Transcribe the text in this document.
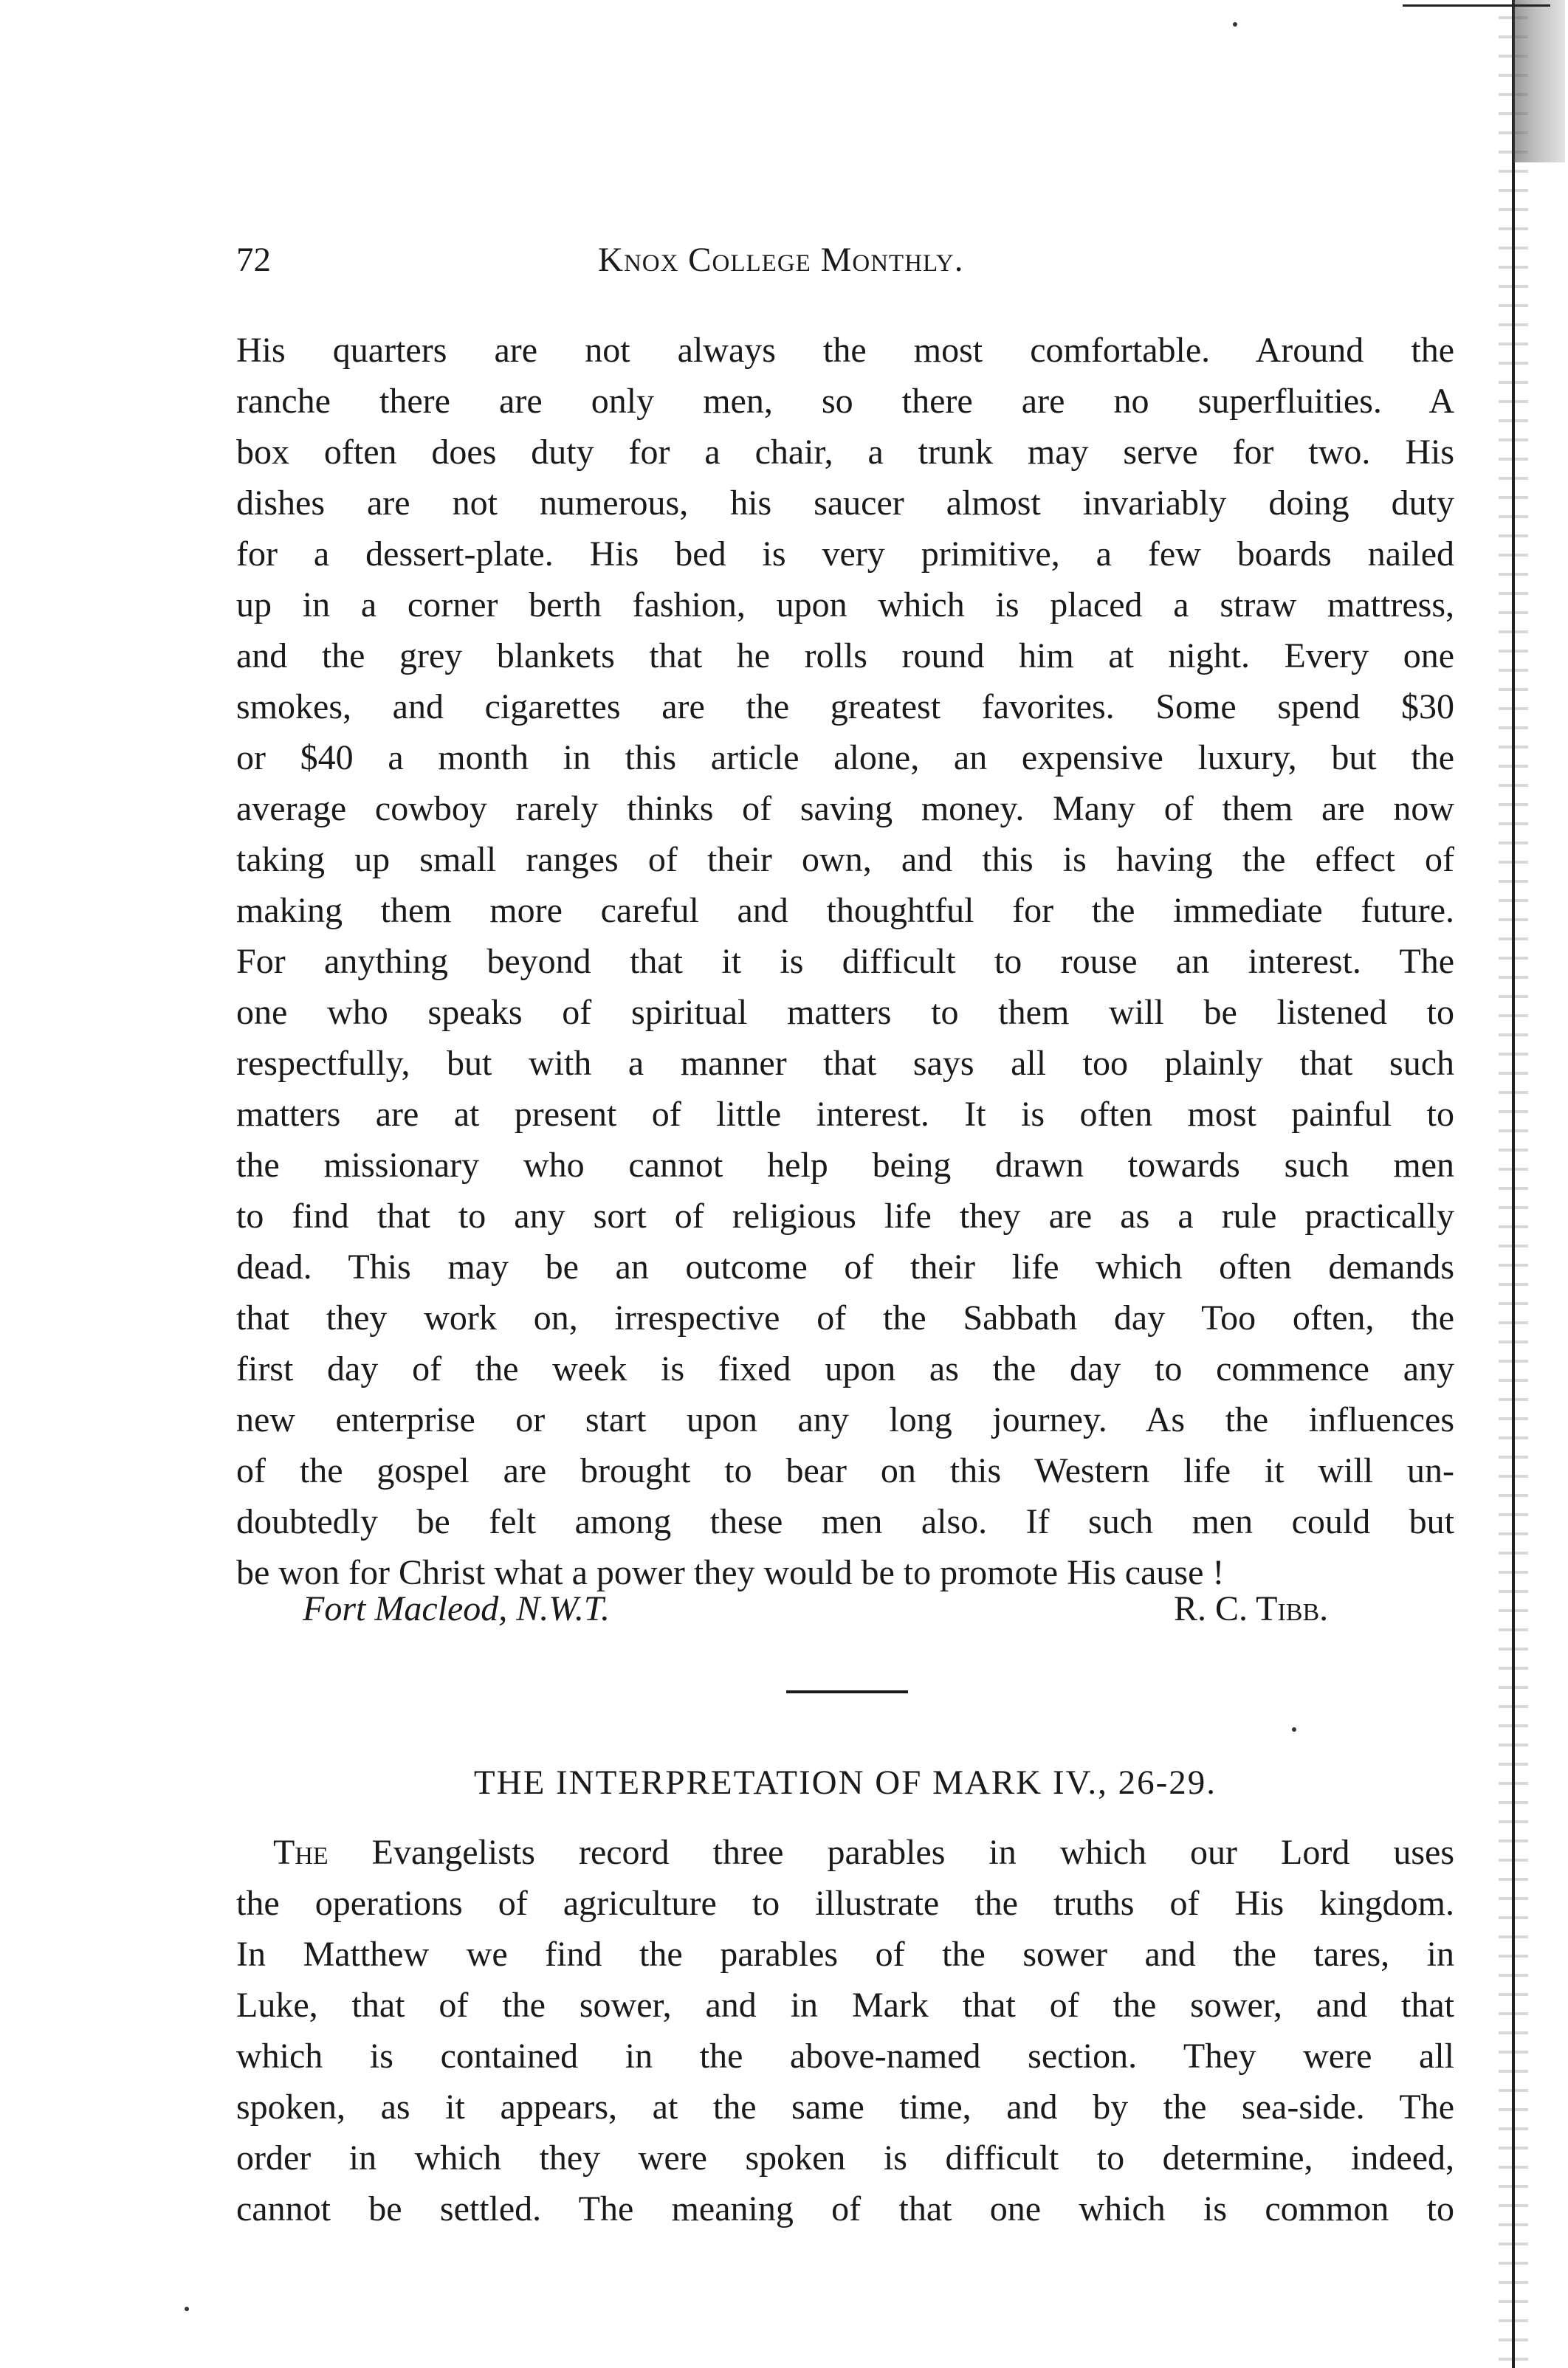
72	Knox College Monthly.
His quarters are not always the most comfortable. Around the
ranche there are only men, so there are no superfluities. A
box often does duty for a chair, a trunk may serve for two. His
dishes are not numerous, his saucer almost invariably doing duty
for a dessert-plate. His bed is very primitive, a few boards nailed
up in a corner berth fashion, upon which is placed a straw mattress,
and the grey blankets that he rolls round him at night. Every one
smokes, and cigarettes are the greatest favorites. Some spend $30
or $40 a month in this article alone, an expensive luxury, but the
average cowboy rarely thinks of saving money. Many of them are now
taking up small ranges of their own, and this is having the effect of
making them more careful and thoughtful for the immediate future.
For anything beyond that it is difficult to rouse an interest. The
one who speaks of spiritual matters to them will be listened to
respectfully, but with a manner that says all too plainly that such
matters are at present of little interest. It is often most painful to
the missionary who cannot help being drawn towards such men
to find that to any sort of religious life they are as a rule practically
dead. This may be an outcome of their life which often demands
that they work on, irrespective of the Sabbath day Too often, the
first day of the week is fixed upon as the day to commence any
new enterprise or start upon any long journey. As the influences
of the gospel are brought to bear on this Western life it will un-
doubtedly be felt among these men also. If such men could but
be won for Christ what a power they would be to promote His cause !
Fort Macleod, N.W.T.	R. C. Tibb.
THE INTERPRETATION OF MARK IV., 26-29.
The Evangelists record three parables in which our Lord uses
the operations of agriculture to illustrate the truths of His kingdom.
In Matthew we find the parables of the sower and the tares, in
Luke, that of the sower, and in Mark that of the sower, and that
which is contained in the above-named section. They were all
spoken, as it appears, at the same time, and by the sea-side. The
order in which they were spoken is difficult to determine, indeed,
cannot be settled. The meaning of that one which is common to
